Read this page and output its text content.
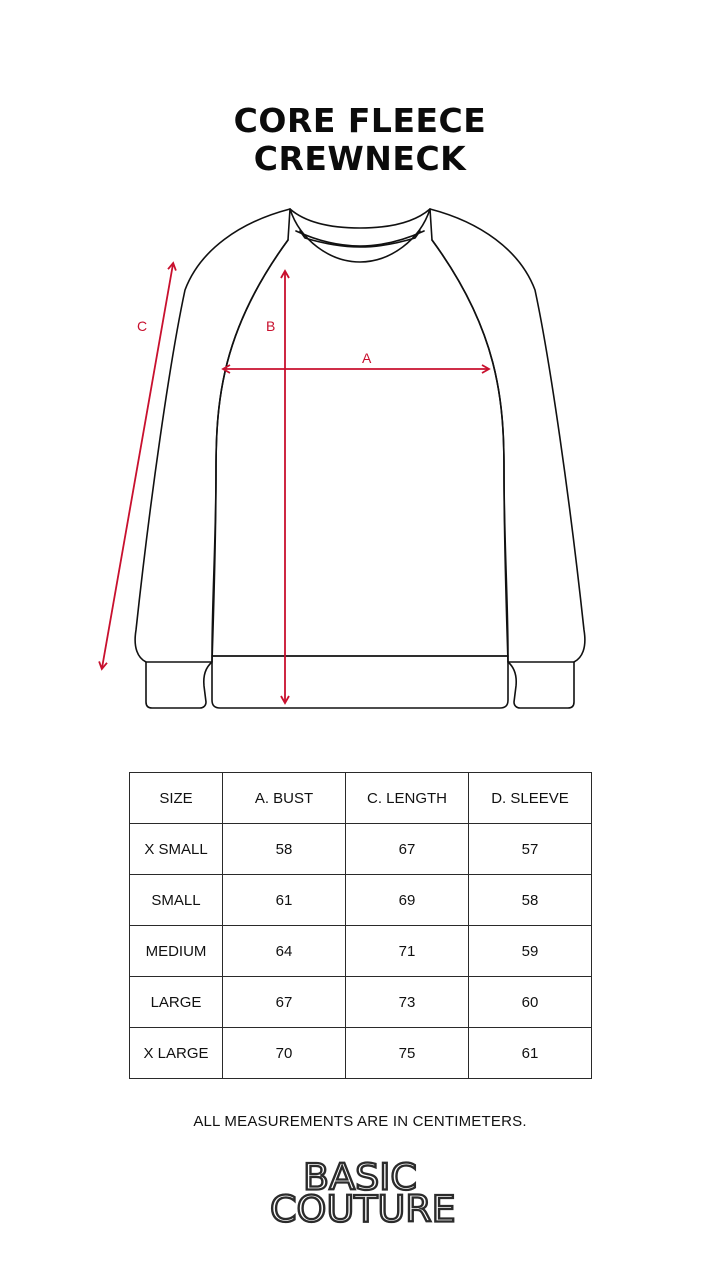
CORE FLEECE
CREWNECK
A
B
C
SIZE	A. BUST	C. LENGTH	D. SLEEVE
X SMALL	58	67	57
SMALL	61	69	58
MEDIUM	64	71	59
LARGE	67	73	60
X LARGE	70	75	61
ALL MEASUREMENTS ARE IN CENTIMETERS.
BASIC
COUTURE
